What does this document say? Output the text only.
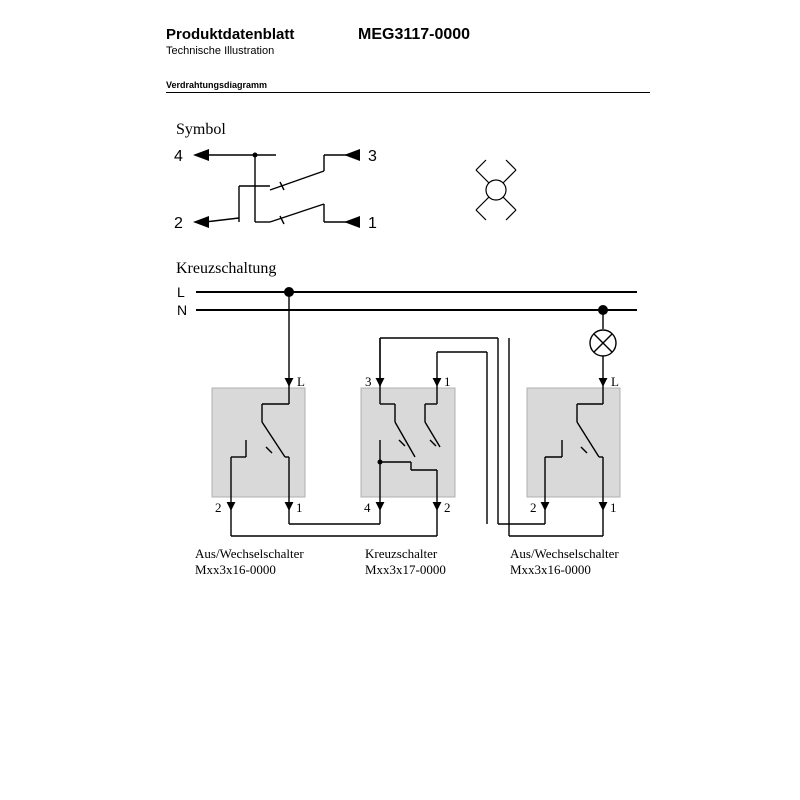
Produktdatenblatt
Technische Illustration
MEG3117-0000
Verdrahtungsdiagramm
Symbol
4	3
2	1
Kreuzschaltung
L
N
L
2	1
3	1
4	2
L
2	1
Aus/Wechselschalter
Mxx3x16-0000
Kreuzschalter
Mxx3x17-0000
Aus/Wechselschalter
Mxx3x16-0000
